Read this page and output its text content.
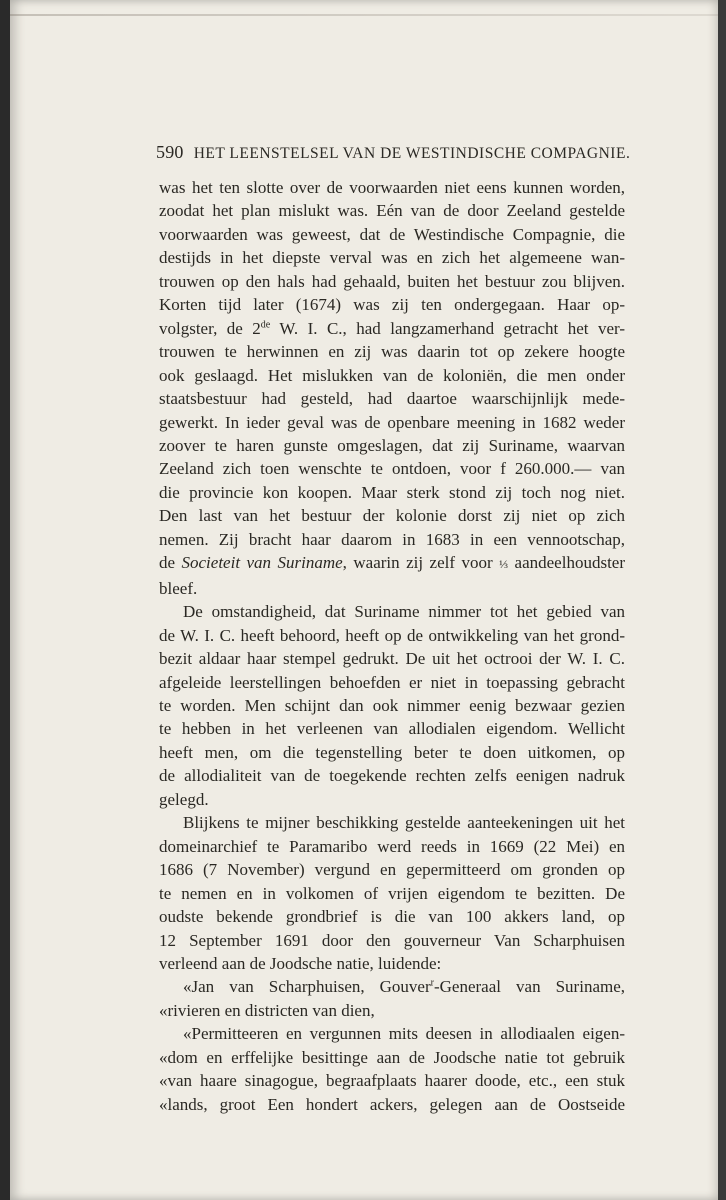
590 HET LEENSTELSEL VAN DE WESTINDISCHE COMPAGNIE.

was het ten slotte over de voorwaarden niet eens kunnen worden,
zoodat het plan mislukt was. Eén van de door Zeeland gestelde
voorwaarden was geweest, dat de Westindische Compagnie, die
destijds in het diepste verval was en zich het algemeene wan-
trouwen op den hals had gehaald, buiten het bestuur zou blijven.
Korten tijd later (1674) was zij ten ondergegaan. Haar op-
volgster, de 2de W. I. C., had langzamerhand getracht het ver-
trouwen te herwinnen en zij was daarin tot op zekere hoogte
ook geslaagd. Het mislukken van de koloniën, die men onder
staatsbestuur had gesteld, had daartoe waarschijnlijk mede-
gewerkt. In ieder geval was de openbare meening in 1682 weder
zoover te haren gunste omgeslagen, dat zij Suriname, waarvan
Zeeland zich toen wenschte te ontdoen, voor f 260.000.— van
die provincie kon koopen. Maar sterk stond zij toch nog niet.
Den last van het bestuur der kolonie dorst zij niet op zich
nemen. Zij bracht haar daarom in 1683 in een vennootschap,
de Societeit van Suriname, waarin zij zelf voor ⅓ aandeelhoudster
bleef.

De omstandigheid, dat Suriname nimmer tot het gebied van
de W. I. C. heeft behoord, heeft op de ontwikkeling van het grond-
bezit aldaar haar stempel gedrukt. De uit het octrooi der W. I. C.
afgeleide leerstellingen behoefden er niet in toepassing gebracht
te worden. Men schijnt dan ook nimmer eenig bezwaar gezien
te hebben in het verleenen van allodialen eigendom. Wellicht
heeft men, om die tegenstelling beter te doen uitkomen, op
de allodialiteit van de toegekende rechten zelfs eenigen nadruk
gelegd.

Blijkens te mijner beschikking gestelde aanteekeningen uit het
domeinarchief te Paramaribo werd reeds in 1669 (22 Mei) en
1686 (7 November) vergund en gepermitteerd om gronden op
te nemen en in volkomen of vrijen eigendom te bezitten. De
oudste bekende grondbrief is die van 100 akkers land, op
12 September 1691 door den gouverneur Van Scharphuisen
verleend aan de Joodsche natie, luidende:

«Jan van Scharphuisen, Gouver$^r$-Generaal van Suriname,
«rivieren en districten van dien,

«Permitteeren en vergunnen mits deesen in allodiaalen eigen-
«dom en erffelijke besittinge aan de Joodsche natie tot gebruik
«van haare sinagogue, begraafplaats haarer doode, etc., een stuk
«lands, groot Een hondert ackers, gelegen aan de Oostseide
